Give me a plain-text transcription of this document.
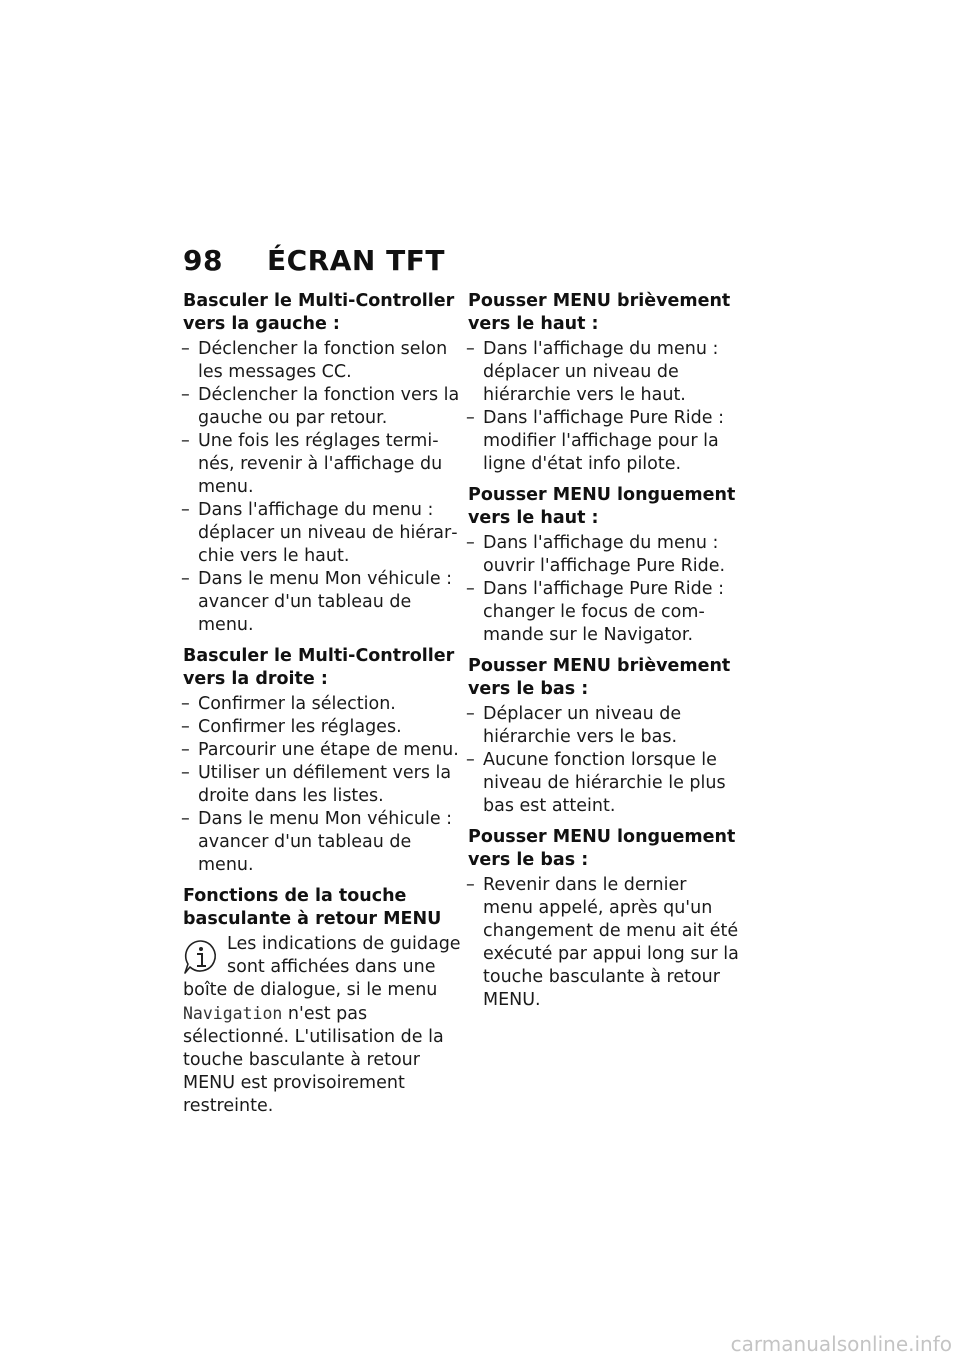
98 ÉCRAN TFT
Basculer le Multi-Controller vers la gauche :
– Déclencher la fonction selon les messages CC.
– Déclencher la fonction vers la gauche ou par retour.
– Une fois les réglages terminés, revenir à l'affichage du menu.
– Dans l'affichage du menu : déplacer un niveau de hiérarchie vers le haut.
– Dans le menu Mon véhicule : avancer d'un tableau de menu.
Basculer le Multi-Controller vers la droite :
– Confirmer la sélection.
– Confirmer les réglages.
– Parcourir une étape de menu.
– Utiliser un défilement vers la droite dans les listes.
– Dans le menu Mon véhicule : avancer d'un tableau de menu.
Fonctions de la touche basculante à retour MENU
Les indications de guidage sont affichées dans une boîte de dialogue, si le menu Navigation n'est pas sélectionné. L'utilisation de la touche basculante à retour MENU est provisoirement restreinte.
Pousser MENU brièvement vers le haut :
– Dans l'affichage du menu : déplacer un niveau de hiérarchie vers le haut.
– Dans l'affichage Pure Ride : modifier l'affichage pour la ligne d'état info pilote.
Pousser MENU longuement vers le haut :
– Dans l'affichage du menu : ouvrir l'affichage Pure Ride.
– Dans l'affichage Pure Ride : changer le focus de commande sur le Navigator.
Pousser MENU brièvement vers le bas :
– Déplacer un niveau de hiérarchie vers le bas.
– Aucune fonction lorsque le niveau de hiérarchie le plus bas est atteint.
Pousser MENU longuement vers le bas :
– Revenir dans le dernier menu appelé, après qu'un changement de menu ait été exécuté par appui long sur la touche basculante à retour MENU.
carmanualsonline.info
